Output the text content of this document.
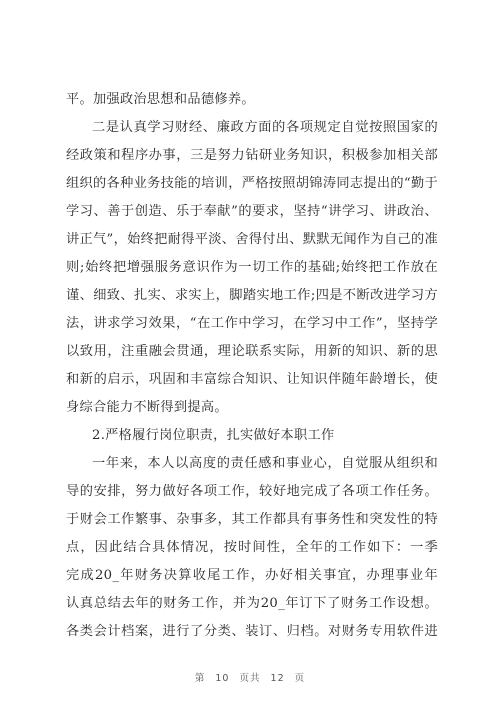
平。加强政治思想和品德修养。
二是认真学习财经、廉政方面的各项规定自觉按照国家的
经政策和程序办事，三是努力钻研业务知识，积极参加相关部
组织的各种业务技能的培训，严格按照胡锦涛同志提出的“勤于
学习、善于创造、乐于奉献”的要求，坚持“讲学习、讲政治、
讲正气”，始终把耐得平淡、舍得付出、默默无闻作为自己的准
则;始终把增强服务意识作为一切工作的基础;始终把工作放在
谨、细致、扎实、求实上，脚踏实地工作;四是不断改进学习方
法，讲求学习效果，“在工作中学习，在学习中工作”，坚持学
以致用，注重融会贯通，理论联系实际，用新的知识、新的思
和新的启示，巩固和丰富综合知识、让知识伴随年龄增长，使
身综合能力不断得到提高。
2.严格履行岗位职责，扎实做好本职工作
一年来，本人以高度的责任感和事业心，自觉服从组织和
导的安排，努力做好各项工作，较好地完成了各项工作任务。
于财会工作繁事、杂事多，其工作都具有事务性和突发性的特
点，因此结合具体情况，按时间性，全年的工作如下：一季
完成20_年财务决算收尾工作，办好相关事宜，办理事业年
认真总结去年的财务工作，并为20_年订下了财务工作设想。
各类会计档案，进行了分类、装订、归档。对财务专用软件进
第 10 页共 12 页
